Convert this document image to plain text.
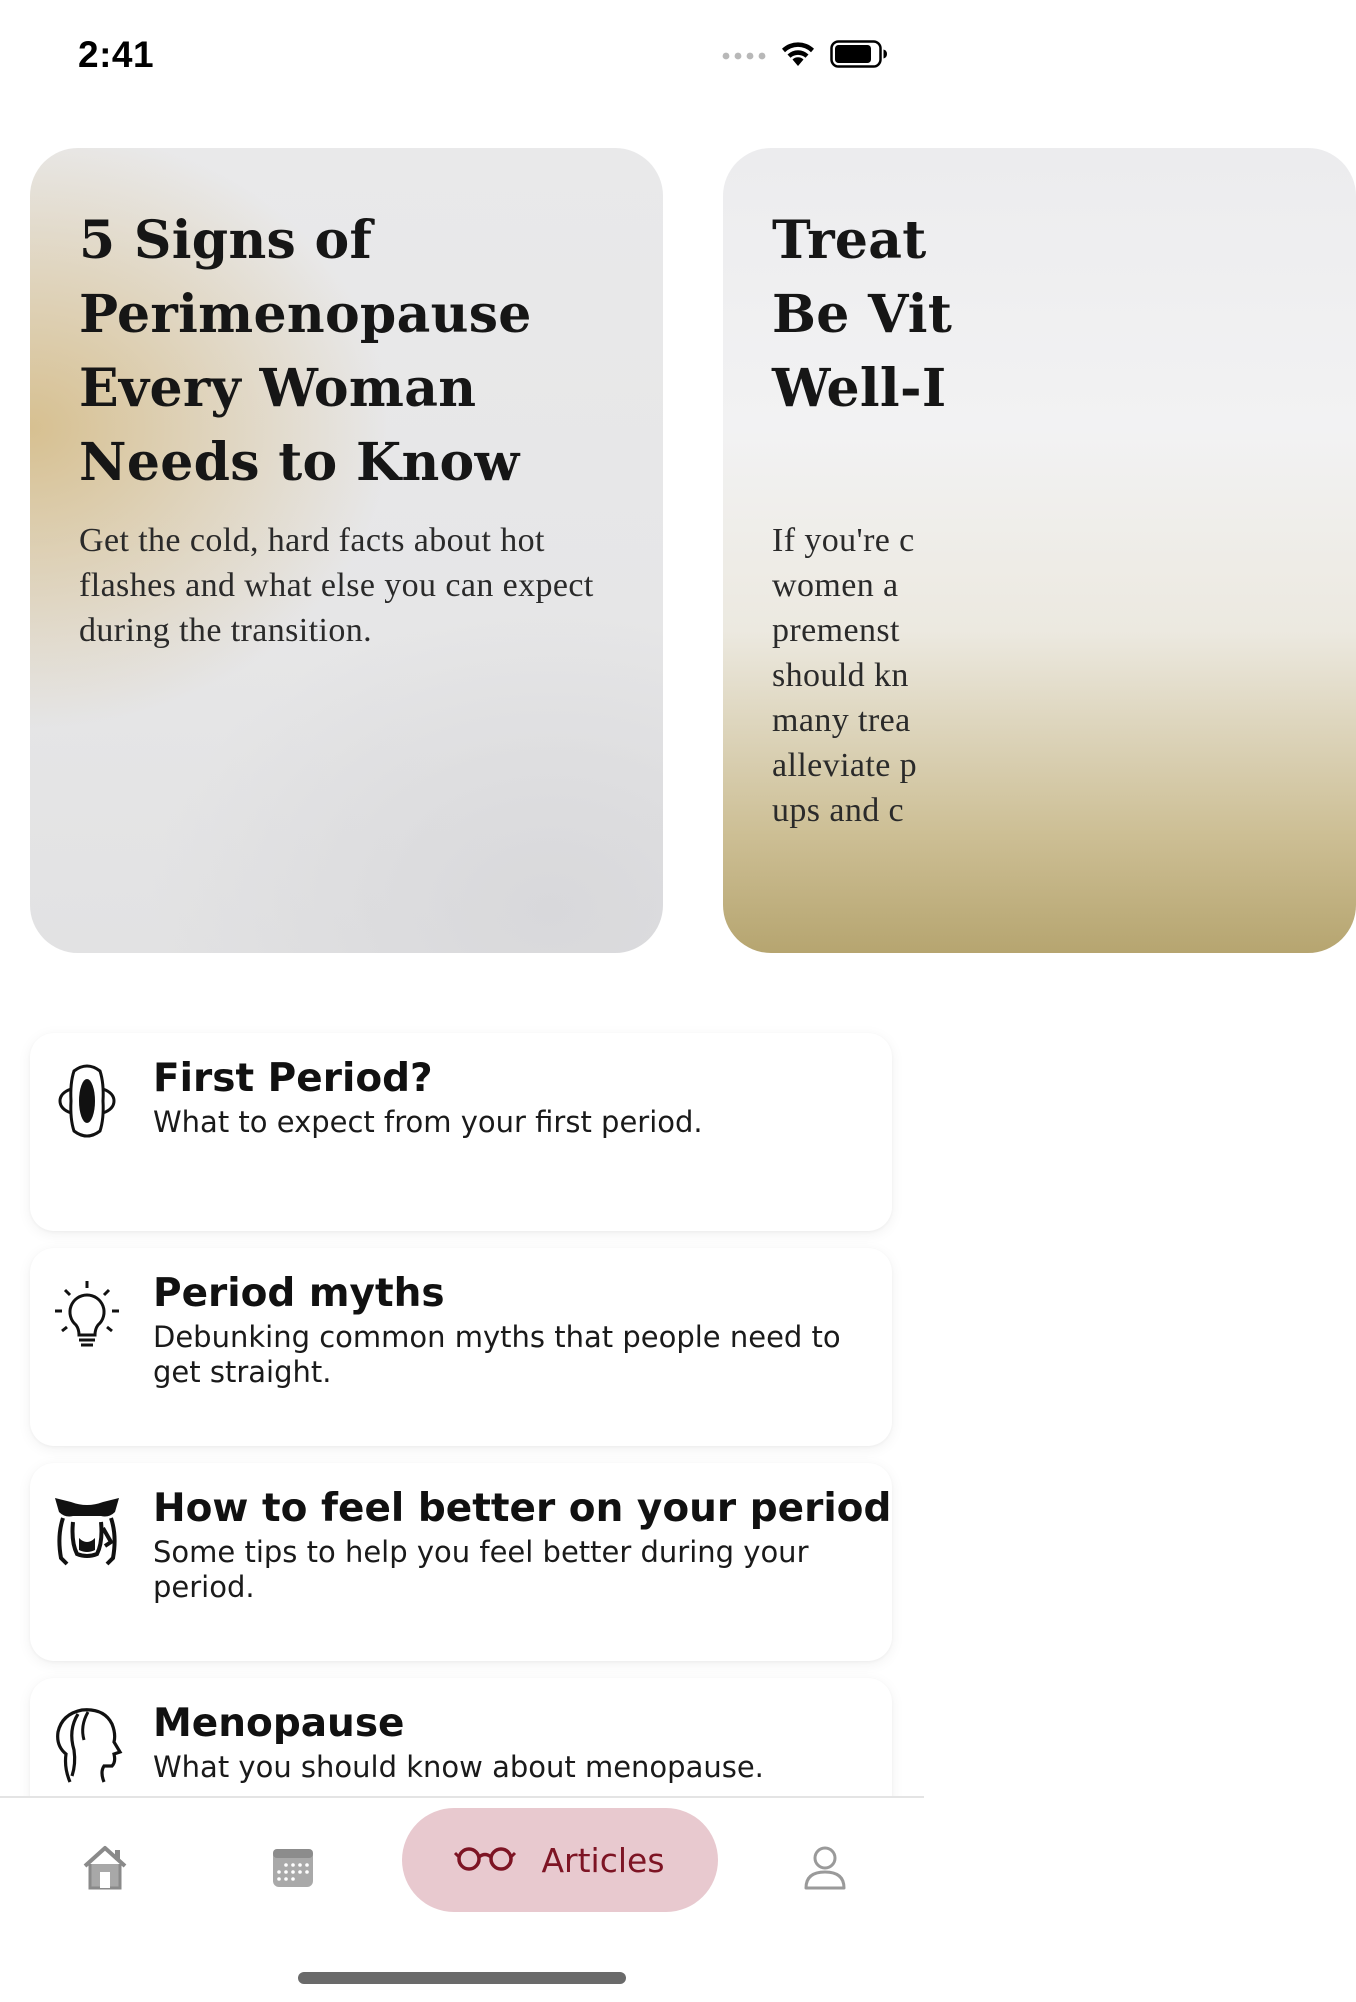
2:41
5 Signs of Perimenopause Every Woman Needs to Know

Get the cold, hard facts about hot flashes and what else you can expect during the transition.

Treat
Be Vit
Well-I

If you're c
women a
premenst
should kn
many trea
alleviate p
ups and c

First Period?

What to expect from your first period.

Period myths

Debunking common myths that people need to get straight.

How to feel better on your period

Some tips to help you feel better during your period.

Menopause

What you should know about menopause.

Articles
